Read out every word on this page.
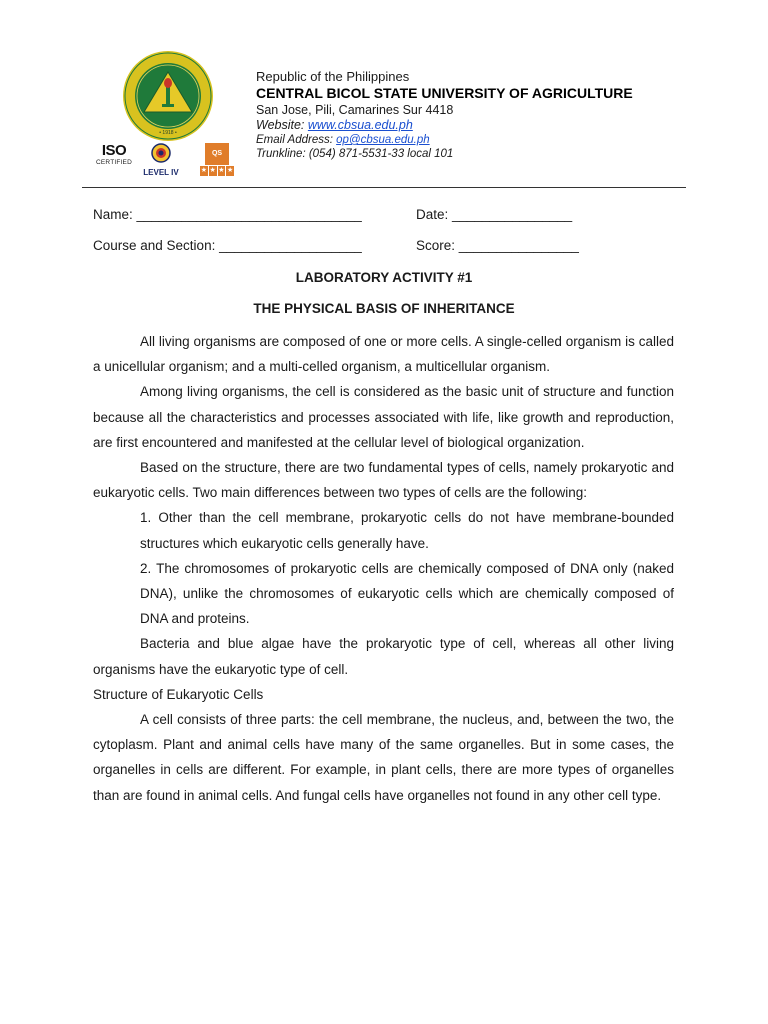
• 1918 •
ISO
CERTIFIED
LEVEL IV
QS
★ ★ ★ ★
Republic of the Philippines
CENTRAL BICOL STATE UNIVERSITY OF AGRICULTURE
San Jose, Pili, Camarines Sur 4418
Website: www.cbsua.edu.ph
Email Address: op@cbsua.edu.ph
Trunkline: (054) 871-5531-33 local 101
Name: ______________________________	Date: ________________
Course and Section: ___________________	Score: ________________
LABORATORY ACTIVITY #1
THE PHYSICAL BASIS OF INHERITANCE

All living organisms are composed of one or more cells. A single-celled organism is called a unicellular organism; and a multi-celled organism, a multicellular organism.

Among living organisms, the cell is considered as the basic unit of structure and function because all the characteristics and processes associated with life, like growth and reproduction, are first encountered and manifested at the cellular level of biological organization.

Based on the structure, there are two fundamental types of cells, namely prokaryotic and eukaryotic cells. Two main differences between two types of cells are the following:

1. Other than the cell membrane, prokaryotic cells do not have membrane-bounded structures which eukaryotic cells generally have.

2. The chromosomes of prokaryotic cells are chemically composed of DNA only (naked DNA), unlike the chromosomes of eukaryotic cells which are chemically composed of DNA and proteins.

Bacteria and blue algae have the prokaryotic type of cell, whereas all other living organisms have the eukaryotic type of cell.

Structure of Eukaryotic Cells

A cell consists of three parts: the cell membrane, the nucleus, and, between the two, the cytoplasm. Plant and animal cells have many of the same organelles. But in some cases, the organelles in cells are different. For example, in plant cells, there are more types of organelles than are found in animal cells. And fungal cells have organelles not found in any other cell type.
